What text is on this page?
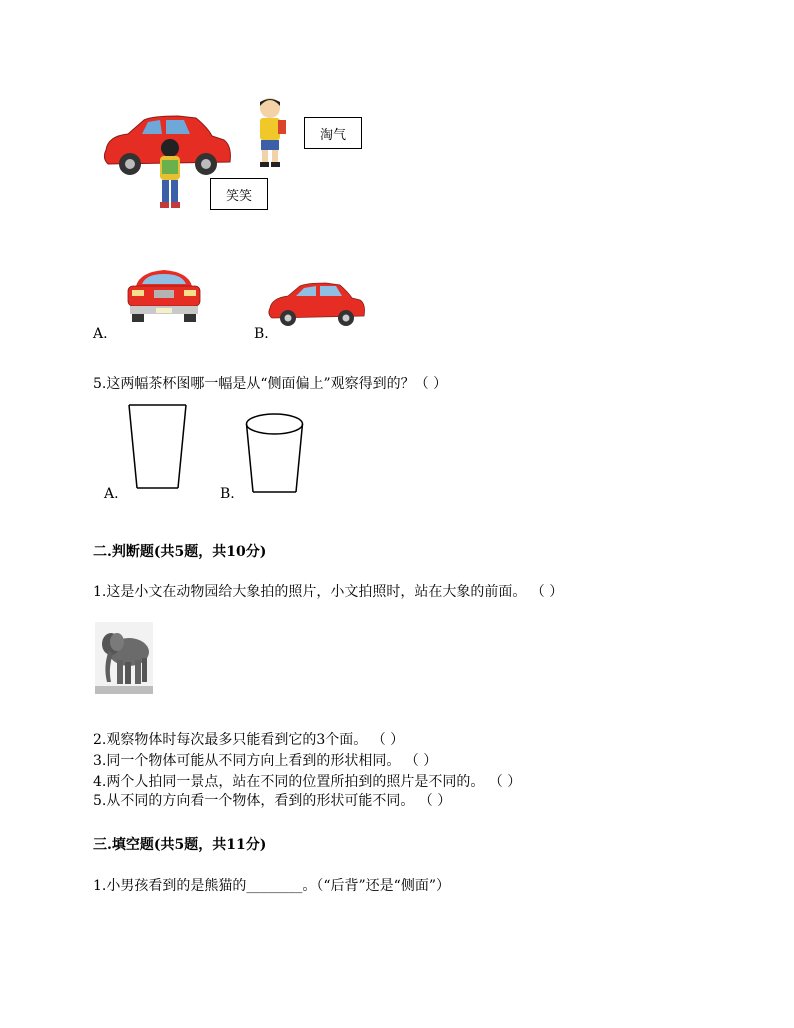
淘气
笑笑
A.	B.
5.这两幅茶杯图哪一幅是从“侧面偏上”观察得到的？（ ）
A.	B.
二.判断题(共5题，共10分)
1.这是小文在动物园给大象拍的照片，小文拍照时，站在大象的前面。 （ ）
2.观察物体时每次最多只能看到它的3个面。 （ ）
3.同一个物体可能从不同方向上看到的形状相同。 （ ）
4.两个人拍同一景点，站在不同的位置所拍到的照片是不同的。 （ ）
5.从不同的方向看一个物体，看到的形状可能不同。 （ ）
三.填空题(共5题，共11分)
1.小男孩看到的是熊猫的________。（“后背”还是“侧面”）
